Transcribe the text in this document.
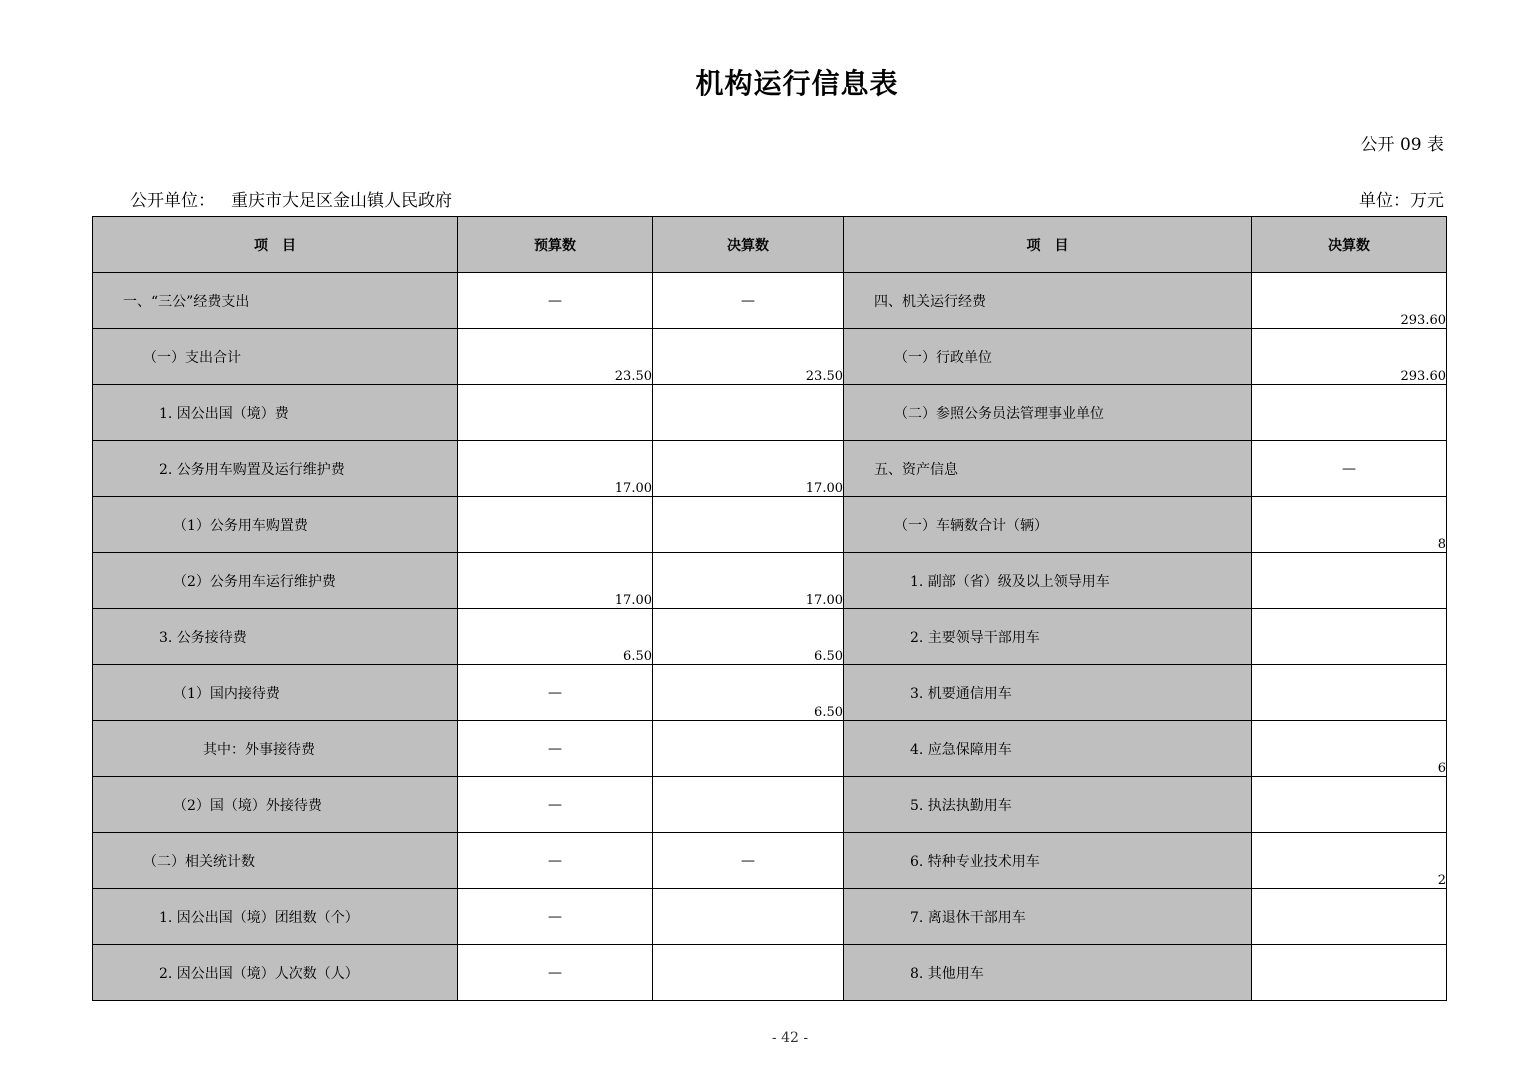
机构运行信息表
公开 09 表
公开单位： 重庆市大足区金山镇人民政府	单位：万元
项　目	预算数	决算数	项　目	决算数
一、“三公”经费支出	—	—	四、机关运行经费	293.60
（一）支出合计	23.50	23.50	（一）行政单位	293.60
1. 因公出国（境）费			（二）参照公务员法管理事业单位	
2. 公务用车购置及运行维护费	17.00	17.00	五、资产信息	—
（1）公务用车购置费			（一）车辆数合计（辆）	8
（2）公务用车运行维护费	17.00	17.00	1. 副部（省）级及以上领导用车	
3. 公务接待费	6.50	6.50	2. 主要领导干部用车	
（1）国内接待费	—	6.50	3. 机要通信用车	
其中：外事接待费	—		4. 应急保障用车	6
（2）国（境）外接待费	—		5. 执法执勤用车	
（二）相关统计数	—	—	6. 特种专业技术用车	2
1. 因公出国（境）团组数（个）	—		7. 离退休干部用车	
2. 因公出国（境）人次数（人）	—		8. 其他用车	
- 42 -
